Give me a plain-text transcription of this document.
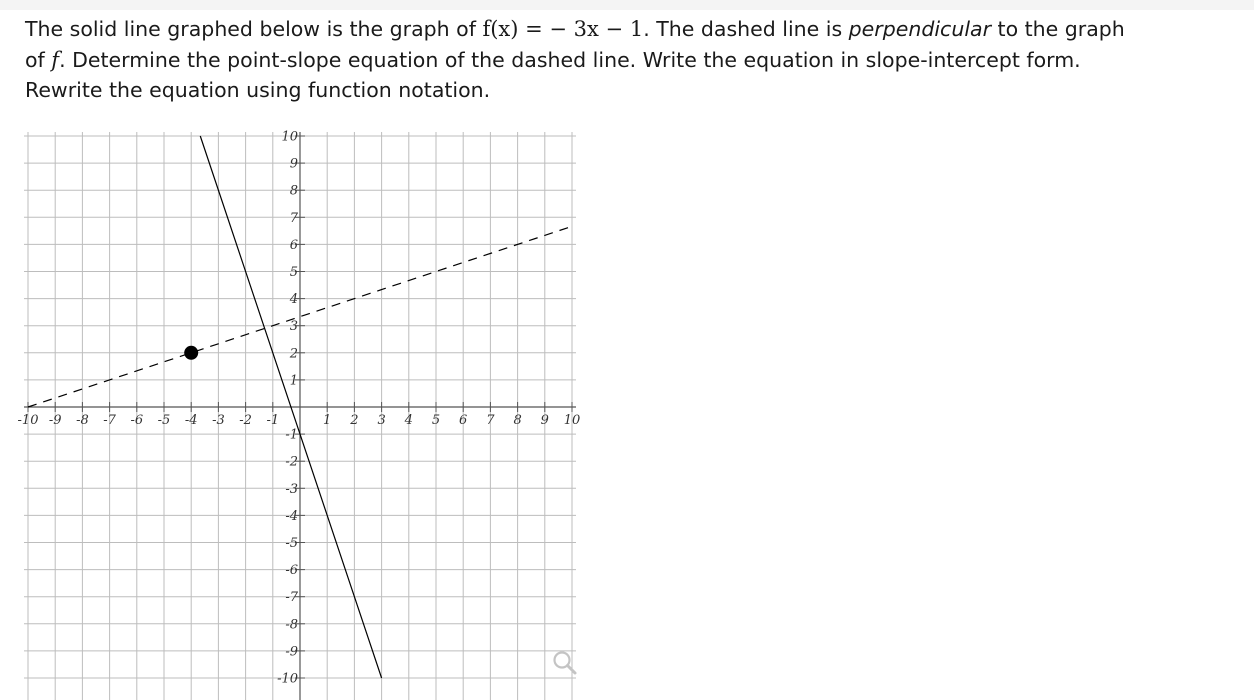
The solid line graphed below is the graph of f(x) = − 3x − 1. The dashed line is perpendicular to the graph of f. Determine the point-slope equation of the dashed line. Write the equation in slope-intercept form. Rewrite the equation using function notation.
-10 -9 -8 -7 -6 -5 -4 -3 -2 -1	1 2 3 4 5 6 7 8 9 10
-10
-9
-8
-7
-6
-5
-4
-3
-2
-1
1
2
3
4
5
6
7
8
9
10
